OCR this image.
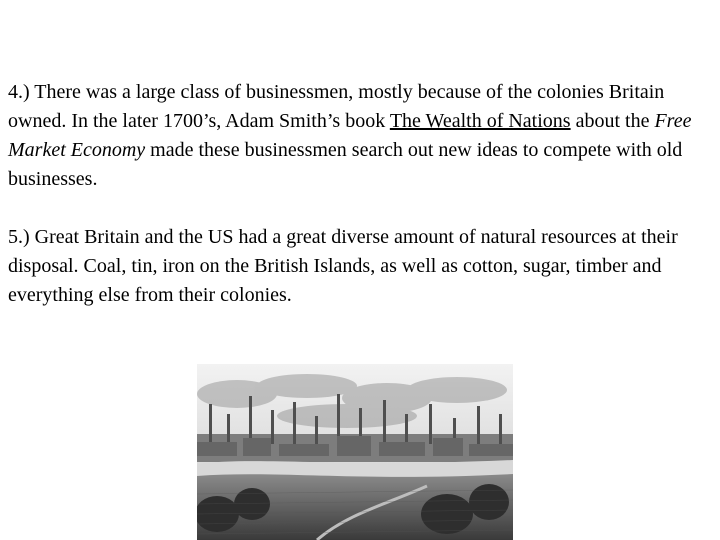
4.) There was a large class of businessmen, mostly because of the colonies Britain owned. In the later 1700’s, Adam Smith’s book The Wealth of Nations about the Free Market Economy made these businessmen search out new ideas to compete with old businesses.

5.) Great Britain and the US had a great diverse amount of natural resources at their disposal. Coal, tin, iron on the British Islands, as well as cotton, sugar, timber and everything else from their colonies.
